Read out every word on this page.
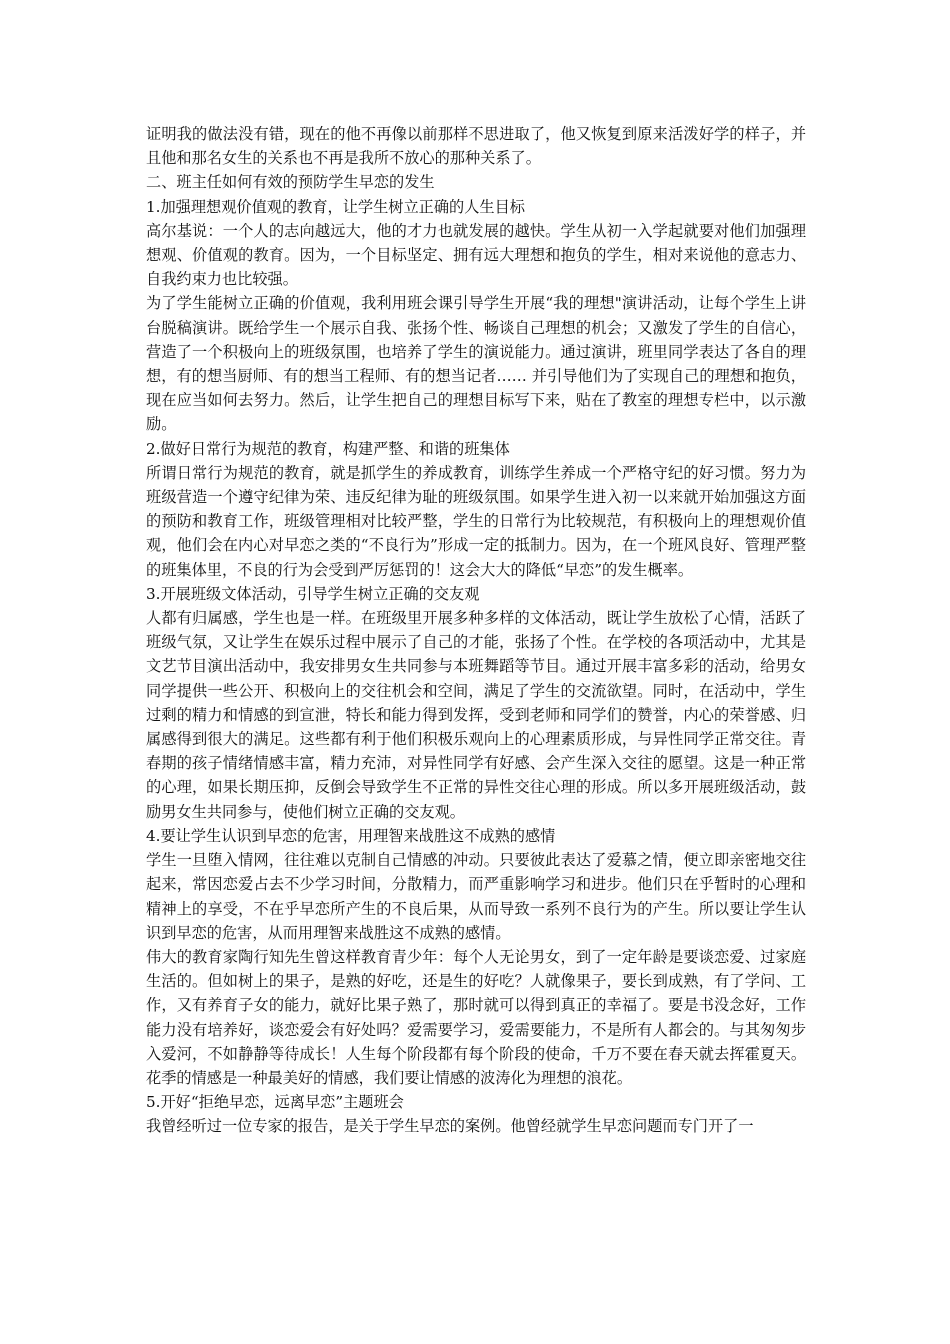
证明我的做法没有错，现在的他不再像以前那样不思进取了，他又恢复到原来活泼好学的样子，并且他和那名女生的关系也不再是我所不放心的那种关系了。

二、班主任如何有效的预防学生早恋的发生

1.加强理想观价值观的教育，让学生树立正确的人生目标

高尔基说：一个人的志向越远大，他的才力也就发展的越快。学生从初一入学起就要对他们加强理想观、价值观的教育。因为，一个目标坚定、拥有远大理想和抱负的学生，相对来说他的意志力、自我约束力也比较强。

为了学生能树立正确的价值观，我利用班会课引导学生开展“我的理想"演讲活动，让每个学生上讲台脱稿演讲。既给学生一个展示自我、张扬个性、畅谈自己理想的机会；又激发了学生的自信心，营造了一个积极向上的班级氛围，也培养了学生的演说能力。通过演讲，班里同学表达了各自的理想，有的想当厨师、有的想当工程师、有的想当记者…… 并引导他们为了实现自己的理想和抱负，现在应当如何去努力。然后，让学生把自己的理想目标写下来，贴在了教室的理想专栏中，以示激励。

2.做好日常行为规范的教育，构建严整、和谐的班集体

所谓日常行为规范的教育，就是抓学生的养成教育，训练学生养成一个严格守纪的好习惯。努力为班级营造一个遵守纪律为荣、违反纪律为耻的班级氛围。如果学生进入初一以来就开始加强这方面的预防和教育工作，班级管理相对比较严整，学生的日常行为比较规范，有积极向上的理想观价值观，他们会在内心对早恋之类的“不良行为”形成一定的抵制力。因为，在一个班风良好、管理严整的班集体里，不良的行为会受到严厉惩罚的！这会大大的降低“早恋”的发生概率。

3.开展班级文体活动，引导学生树立正确的交友观

人都有归属感，学生也是一样。在班级里开展多种多样的文体活动，既让学生放松了心情，活跃了班级气氛，又让学生在娱乐过程中展示了自己的才能，张扬了个性。在学校的各项活动中，尤其是文艺节目演出活动中，我安排男女生共同参与本班舞蹈等节目。通过开展丰富多彩的活动，给男女同学提供一些公开、积极向上的交往机会和空间，满足了学生的交流欲望。同时，在活动中，学生过剩的精力和情感的到宣泄，特长和能力得到发挥，受到老师和同学们的赞誉，内心的荣誉感、归属感得到很大的满足。这些都有利于他们积极乐观向上的心理素质形成，与异性同学正常交往。青春期的孩子情绪情感丰富，精力充沛，对异性同学有好感、会产生深入交往的愿望。这是一种正常的心理，如果长期压抑，反倒会导致学生不正常的异性交往心理的形成。所以多开展班级活动，鼓励男女生共同参与，使他们树立正确的交友观。

4.要让学生认识到早恋的危害，用理智来战胜这不成熟的感情

学生一旦堕入情网，往往难以克制自己情感的冲动。只要彼此表达了爱慕之情，便立即亲密地交往起来，常因恋爱占去不少学习时间，分散精力，而严重影响学习和进步。他们只在乎暂时的心理和精神上的享受，不在乎早恋所产生的不良后果，从而导致一系列不良行为的产生。所以要让学生认识到早恋的危害，从而用理智来战胜这不成熟的感情。

伟大的教育家陶行知先生曾这样教育青少年：每个人无论男女，到了一定年龄是要谈恋爱、过家庭生活的。但如树上的果子，是熟的好吃，还是生的好吃？人就像果子，要长到成熟，有了学问、工作，又有养育子女的能力，就好比果子熟了，那时就可以得到真正的幸福了。要是书没念好，工作能力没有培养好，谈恋爱会有好处吗？爱需要学习，爱需要能力，不是所有人都会的。与其匆匆步入爱河，不如静静等待成长！人生每个阶段都有每个阶段的使命，千万不要在春天就去挥霍夏天。花季的情感是一种最美好的情感，我们要让情感的波涛化为理想的浪花。

5.开好“拒绝早恋，远离早恋”主题班会

我曾经听过一位专家的报告，是关于学生早恋的案例。他曾经就学生早恋问题而专门开了一
